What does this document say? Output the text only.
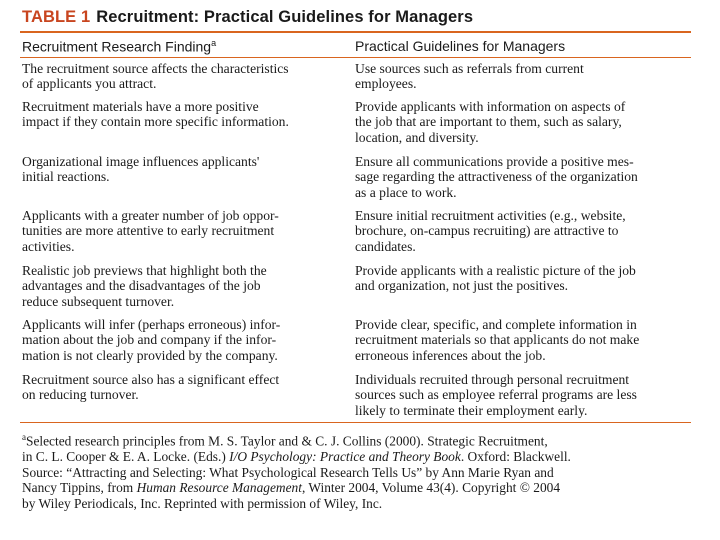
TABLE 1 Recruitment: Practical Guidelines for Managers
Recruitment Research Finding$^a$	Practical Guidelines for Managers
The recruitment source affects the characteristics
of applicants you attract.
Use sources such as referrals from current
employees.
Recruitment materials have a more positive
impact if they contain more specific information.
Provide applicants with information on aspects of
the job that are important to them, such as salary,
location, and diversity.
Organizational image influences applicants'
initial reactions.
Ensure all communications provide a positive mes-
sage regarding the attractiveness of the organization
as a place to work.
Applicants with a greater number of job oppor-
tunities are more attentive to early recruitment
activities.
Ensure initial recruitment activities (e.g., website,
brochure, on-campus recruiting) are attractive to
candidates.
Realistic job previews that highlight both the
advantages and the disadvantages of the job
reduce subsequent turnover.
Provide applicants with a realistic picture of the job
and organization, not just the positives.
Applicants will infer (perhaps erroneous) infor-
mation about the job and company if the infor-
mation is not clearly provided by the company.
Provide clear, specific, and complete information in
recruitment materials so that applicants do not make
erroneous inferences about the job.
Recruitment source also has a significant effect
on reducing turnover.
Individuals recruited through personal recruitment
sources such as employee referral programs are less
likely to terminate their employment early.
$^a$Selected research principles from M. S. Taylor and & C. J. Collins (2000). Strategic Recruitment,
in C. L. Cooper & E. A. Locke. (Eds.) I/O Psychology: Practice and Theory Book. Oxford: Blackwell.
Source: “Attracting and Selecting: What Psychological Research Tells Us” by Ann Marie Ryan and
Nancy Tippins, from Human Resource Management, Winter 2004, Volume 43(4). Copyright © 2004
by Wiley Periodicals, Inc. Reprinted with permission of Wiley, Inc.
